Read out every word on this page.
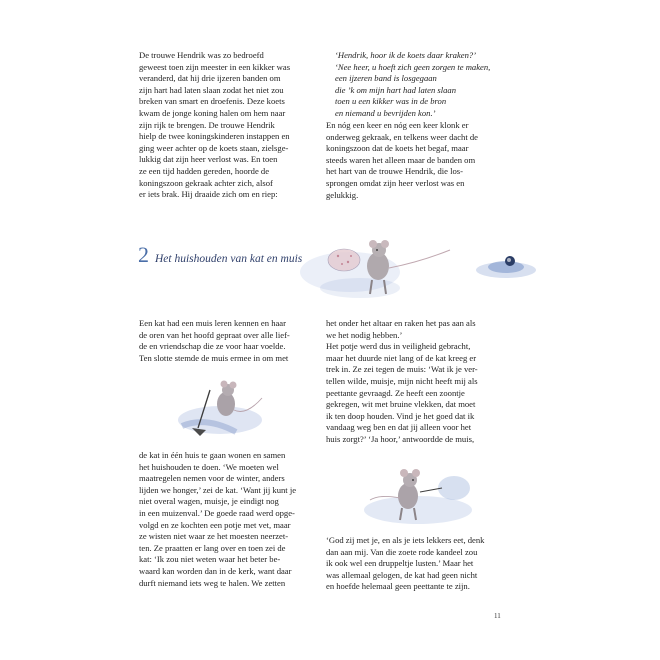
De trouwe Hendrik was zo bedroefd
geweest toen zijn meester in een kikker was
veranderd, dat hij drie ijzeren banden om
zijn hart had laten slaan zodat het niet zou
breken van smart en droefenis. Deze koets
kwam de jonge koning halen om hem naar
zijn rijk te brengen. De trouwe Hendrik
hielp de twee koningskinderen instappen en
ging weer achter op de koets staan, zielsge-
lukkig dat zijn heer verlost was. En toen
ze een tijd hadden gereden, hoorde de
koningszoon gekraak achter zich, alsof
er iets brak. Hij draaide zich om en riep:
‘Hendrik, hoor ik de koets daar kraken?’
‘Nee heer, u hoeft zich geen zorgen te maken,
een ijzeren band is losgegaan
die ’k om mijn hart had laten slaan
toen u een kikker was in de bron
en niemand u bevrijden kon.’
En nóg een keer en nóg een keer klonk er
onderweg gekraak, en telkens weer dacht de
koningszoon dat de koets het begaf, maar
steeds waren het alleen maar de banden om
het hart van de trouwe Hendrik, die los-
sprongen omdat zijn heer verlost was en
gelukkig.
2 Het huishouden van kat en muis
Een kat had een muis leren kennen en haar
de oren van het hoofd gepraat over alle lief-
de en vriendschap die ze voor haar voelde.
Ten slotte stemde de muis ermee in om met
de kat in één huis te gaan wonen en samen
het huishouden te doen. ‘We moeten wel
maatregelen nemen voor de winter, anders
lijden we honger,’ zei de kat. ‘Want jij kunt je
niet overal wagen, muisje, je eindigt nog
in een muizenval.’ De goede raad werd opge-
volgd en ze kochten een potje met vet, maar
ze wisten niet waar ze het moesten neerzet-
ten. Ze praatten er lang over en toen zei de
kat: ‘Ik zou niet weten waar het beter be-
waard kan worden dan in de kerk, want daar
durft niemand iets weg te halen. We zetten
het onder het altaar en raken het pas aan als
we het nodig hebben.’
Het potje werd dus in veiligheid gebracht,
maar het duurde niet lang of de kat kreeg er
trek in. Ze zei tegen de muis: ‘Wat ik je ver-
tellen wilde, muisje, mijn nicht heeft mij als
peettante gevraagd. Ze heeft een zoontje
gekregen, wit met bruine vlekken, dat moet
ik ten doop houden. Vind je het goed dat ik
vandaag weg ben en dat jij alleen voor het
huis zorgt?’ ‘Ja hoor,’ antwoordde de muis,
‘God zij met je, en als je iets lekkers eet, denk
dan aan mij. Van die zoete rode kandeel zou
ik ook wel een druppeltje lusten.’ Maar het
was allemaal gelogen, de kat had geen nicht
en hoefde helemaal geen peettante te zijn.
11
